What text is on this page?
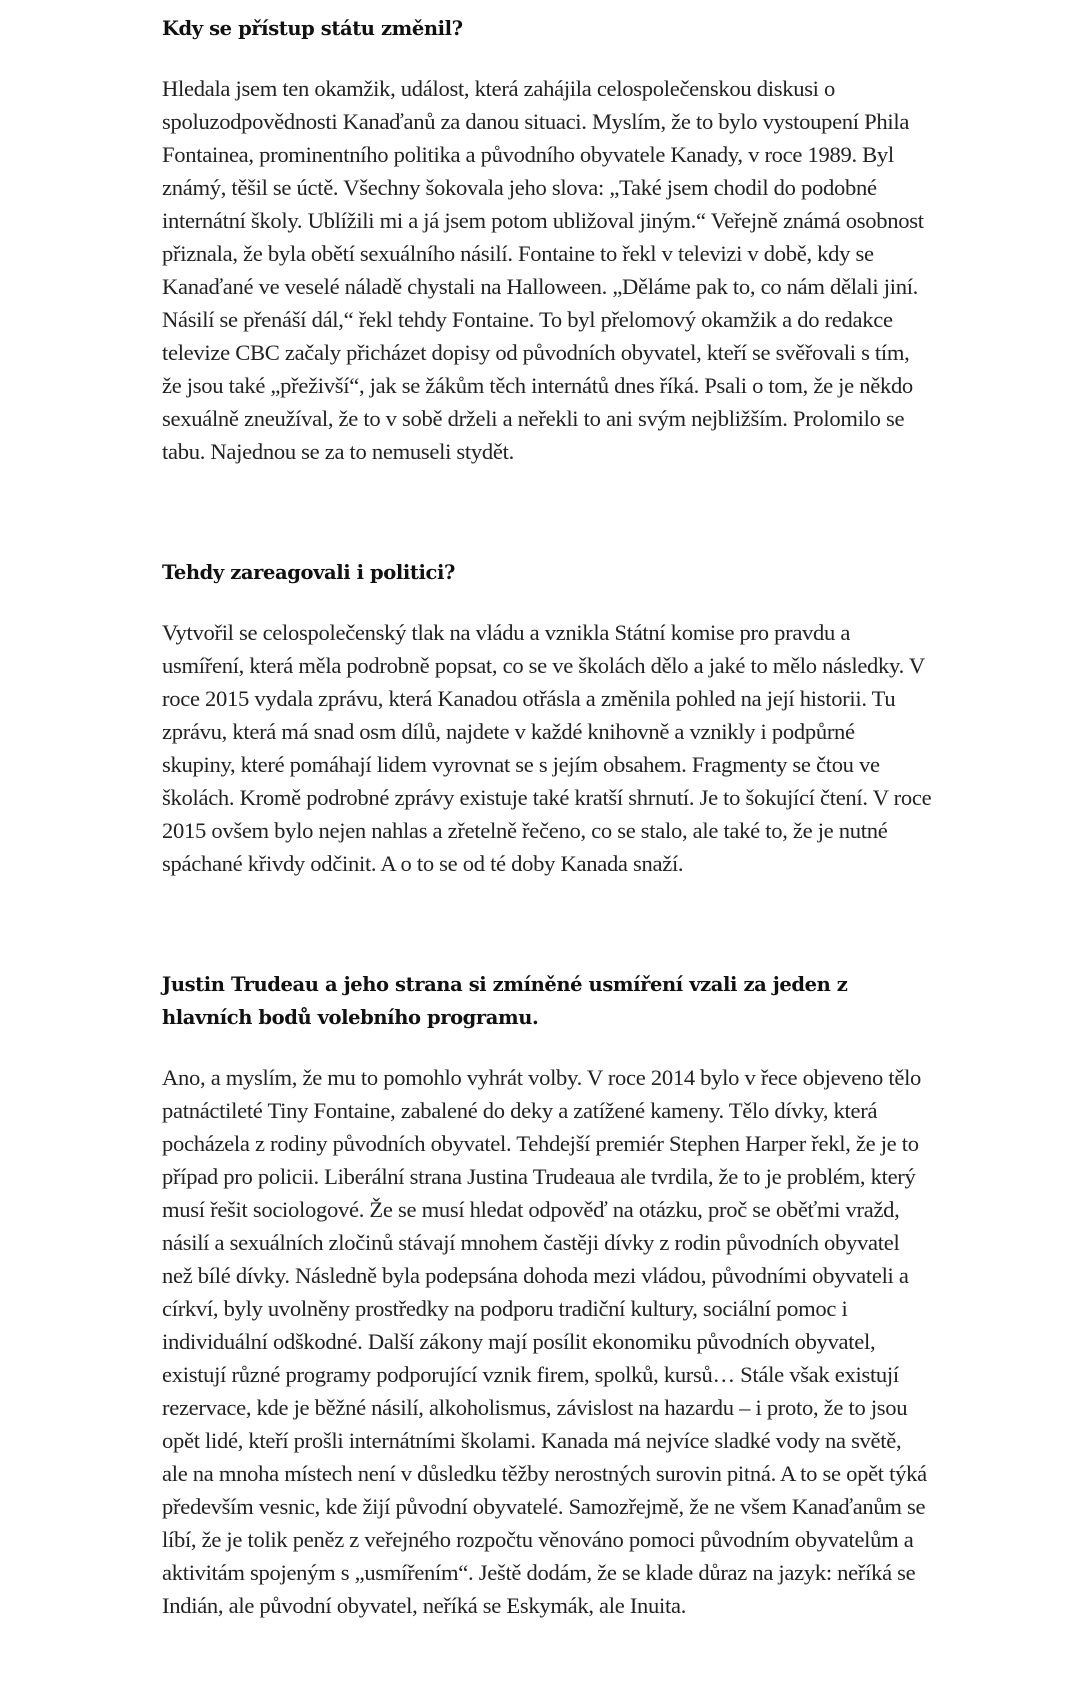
Kdy se přístup státu změnil?

Hledala jsem ten okamžik, událost, která zahájila celospolečenskou diskusi o spoluzodpovědnosti Kanaďanů za danou situaci. Myslím, že to bylo vystoupení Phila Fontainea, prominentního politika a původního obyvatele Kanady, v roce 1989. Byl známý, těšil se úctě. Všechny šokovala jeho slova: „Také jsem chodil do podobné internátní školy. Ublížili mi a já jsem potom ubližoval jiným.“ Veřejně známá osobnost přiznala, že byla obětí sexuálního násilí. Fontaine to řekl v televizi v době, kdy se Kanaďané ve veselé náladě chystali na Halloween. „Děláme pak to, co nám dělali jiní. Násilí se přenáší dál,“ řekl tehdy Fontaine. To byl přelomový okamžik a do redakce televize CBC začaly přicházet dopisy od původních obyvatel, kteří se svěřovali s tím, že jsou také „přeživší“, jak se žákům těch internátů dnes říká. Psali o tom, že je někdo sexuálně zneužíval, že to v sobě drželi a neřekli to ani svým nejbližším. Prolomilo se tabu. Najednou se za to nemuseli stydět.

Tehdy zareagovali i politici?

Vytvořil se celospolečenský tlak na vládu a vznikla Státní komise pro pravdu a usmíření, která měla podrobně popsat, co se ve školách dělo a jaké to mělo následky. V roce 2015 vydala zprávu, která Kanadou otřásla a změnila pohled na její historii. Tu zprávu, která má snad osm dílů, najdete v každé knihovně a vznikly i podpůrné skupiny, které pomáhají lidem vyrovnat se s jejím obsahem. Fragmenty se čtou ve školách. Kromě podrobné zprávy existuje také kratší shrnutí. Je to šokující čtení. V roce 2015 ovšem bylo nejen nahlas a zřetelně řečeno, co se stalo, ale také to, že je nutné spáchané křivdy odčinit. A o to se od té doby Kanada snaží.

Justin Trudeau a jeho strana si zmíněné usmíření vzali za jeden z hlavních bodů volebního programu.

Ano, a myslím, že mu to pomohlo vyhrát volby. V roce 2014 bylo v řece objeveno tělo patnáctileté Tiny Fontaine, zabalené do deky a zatížené kameny. Tělo dívky, která pocházela z rodiny původních obyvatel. Tehdejší premiér Stephen Harper řekl, že je to případ pro policii. Liberální strana Justina Trudeaua ale tvrdila, že to je problém, který musí řešit sociologové. Že se musí hledat odpověď na otázku, proč se oběťmi vražd, násilí a sexuálních zločinů stávají mnohem častěji dívky z rodin původních obyvatel než bílé dívky. Následně byla podepsána dohoda mezi vládou, původními obyvateli a církví, byly uvolněny prostředky na podporu tradiční kultury, sociální pomoc i individuální odškodné. Další zákony mají posílit ekonomiku původních obyvatel, existují různé programy podporující vznik firem, spolků, kursů… Stále však existují rezervace, kde je běžné násilí, alkoholismus, závislost na hazardu – i proto, že to jsou opět lidé, kteří prošli internátními školami. Kanada má nejvíce sladké vody na světě, ale na mnoha místech není v důsledku těžby nerostných surovin pitná. A to se opět týká především vesnic, kde žijí původní obyvatelé. Samozřejmě, že ne všem Kanaďanům se líbí, že je tolik peněz z veřejného rozpočtu věnováno pomoci původním obyvatelům a aktivitám spojeným s „usmířením“. Ještě dodám, že se klade důraz na jazyk: neříká se Indián, ale původní obyvatel, neříká se Eskymák, ale Inuita.
